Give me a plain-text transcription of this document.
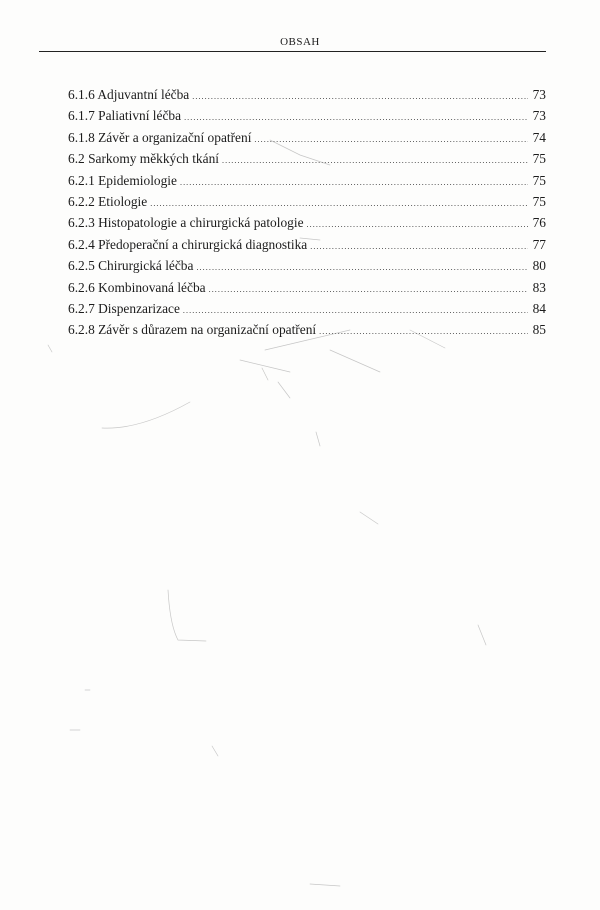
OBSAH
6.1.6 Adjuvantní léčba .....	73
6.1.7 Paliativní léčba .....	73
6.1.8 Závěr a organizační opatření .....	74
6.2 Sarkomy měkkých tkání .....	75
6.2.1 Epidemiologie .....	75
6.2.2 Etiologie .....	75
6.2.3 Histopatologie a chirurgická patologie .....	76
6.2.4 Předoperační a chirurgická diagnostika .....	77
6.2.5 Chirurgická léčba .....	80
6.2.6 Kombinovaná léčba .....	83
6.2.7 Dispenzarizace .....	84
6.2.8 Závěr s důrazem na organizační opatření .....	85
